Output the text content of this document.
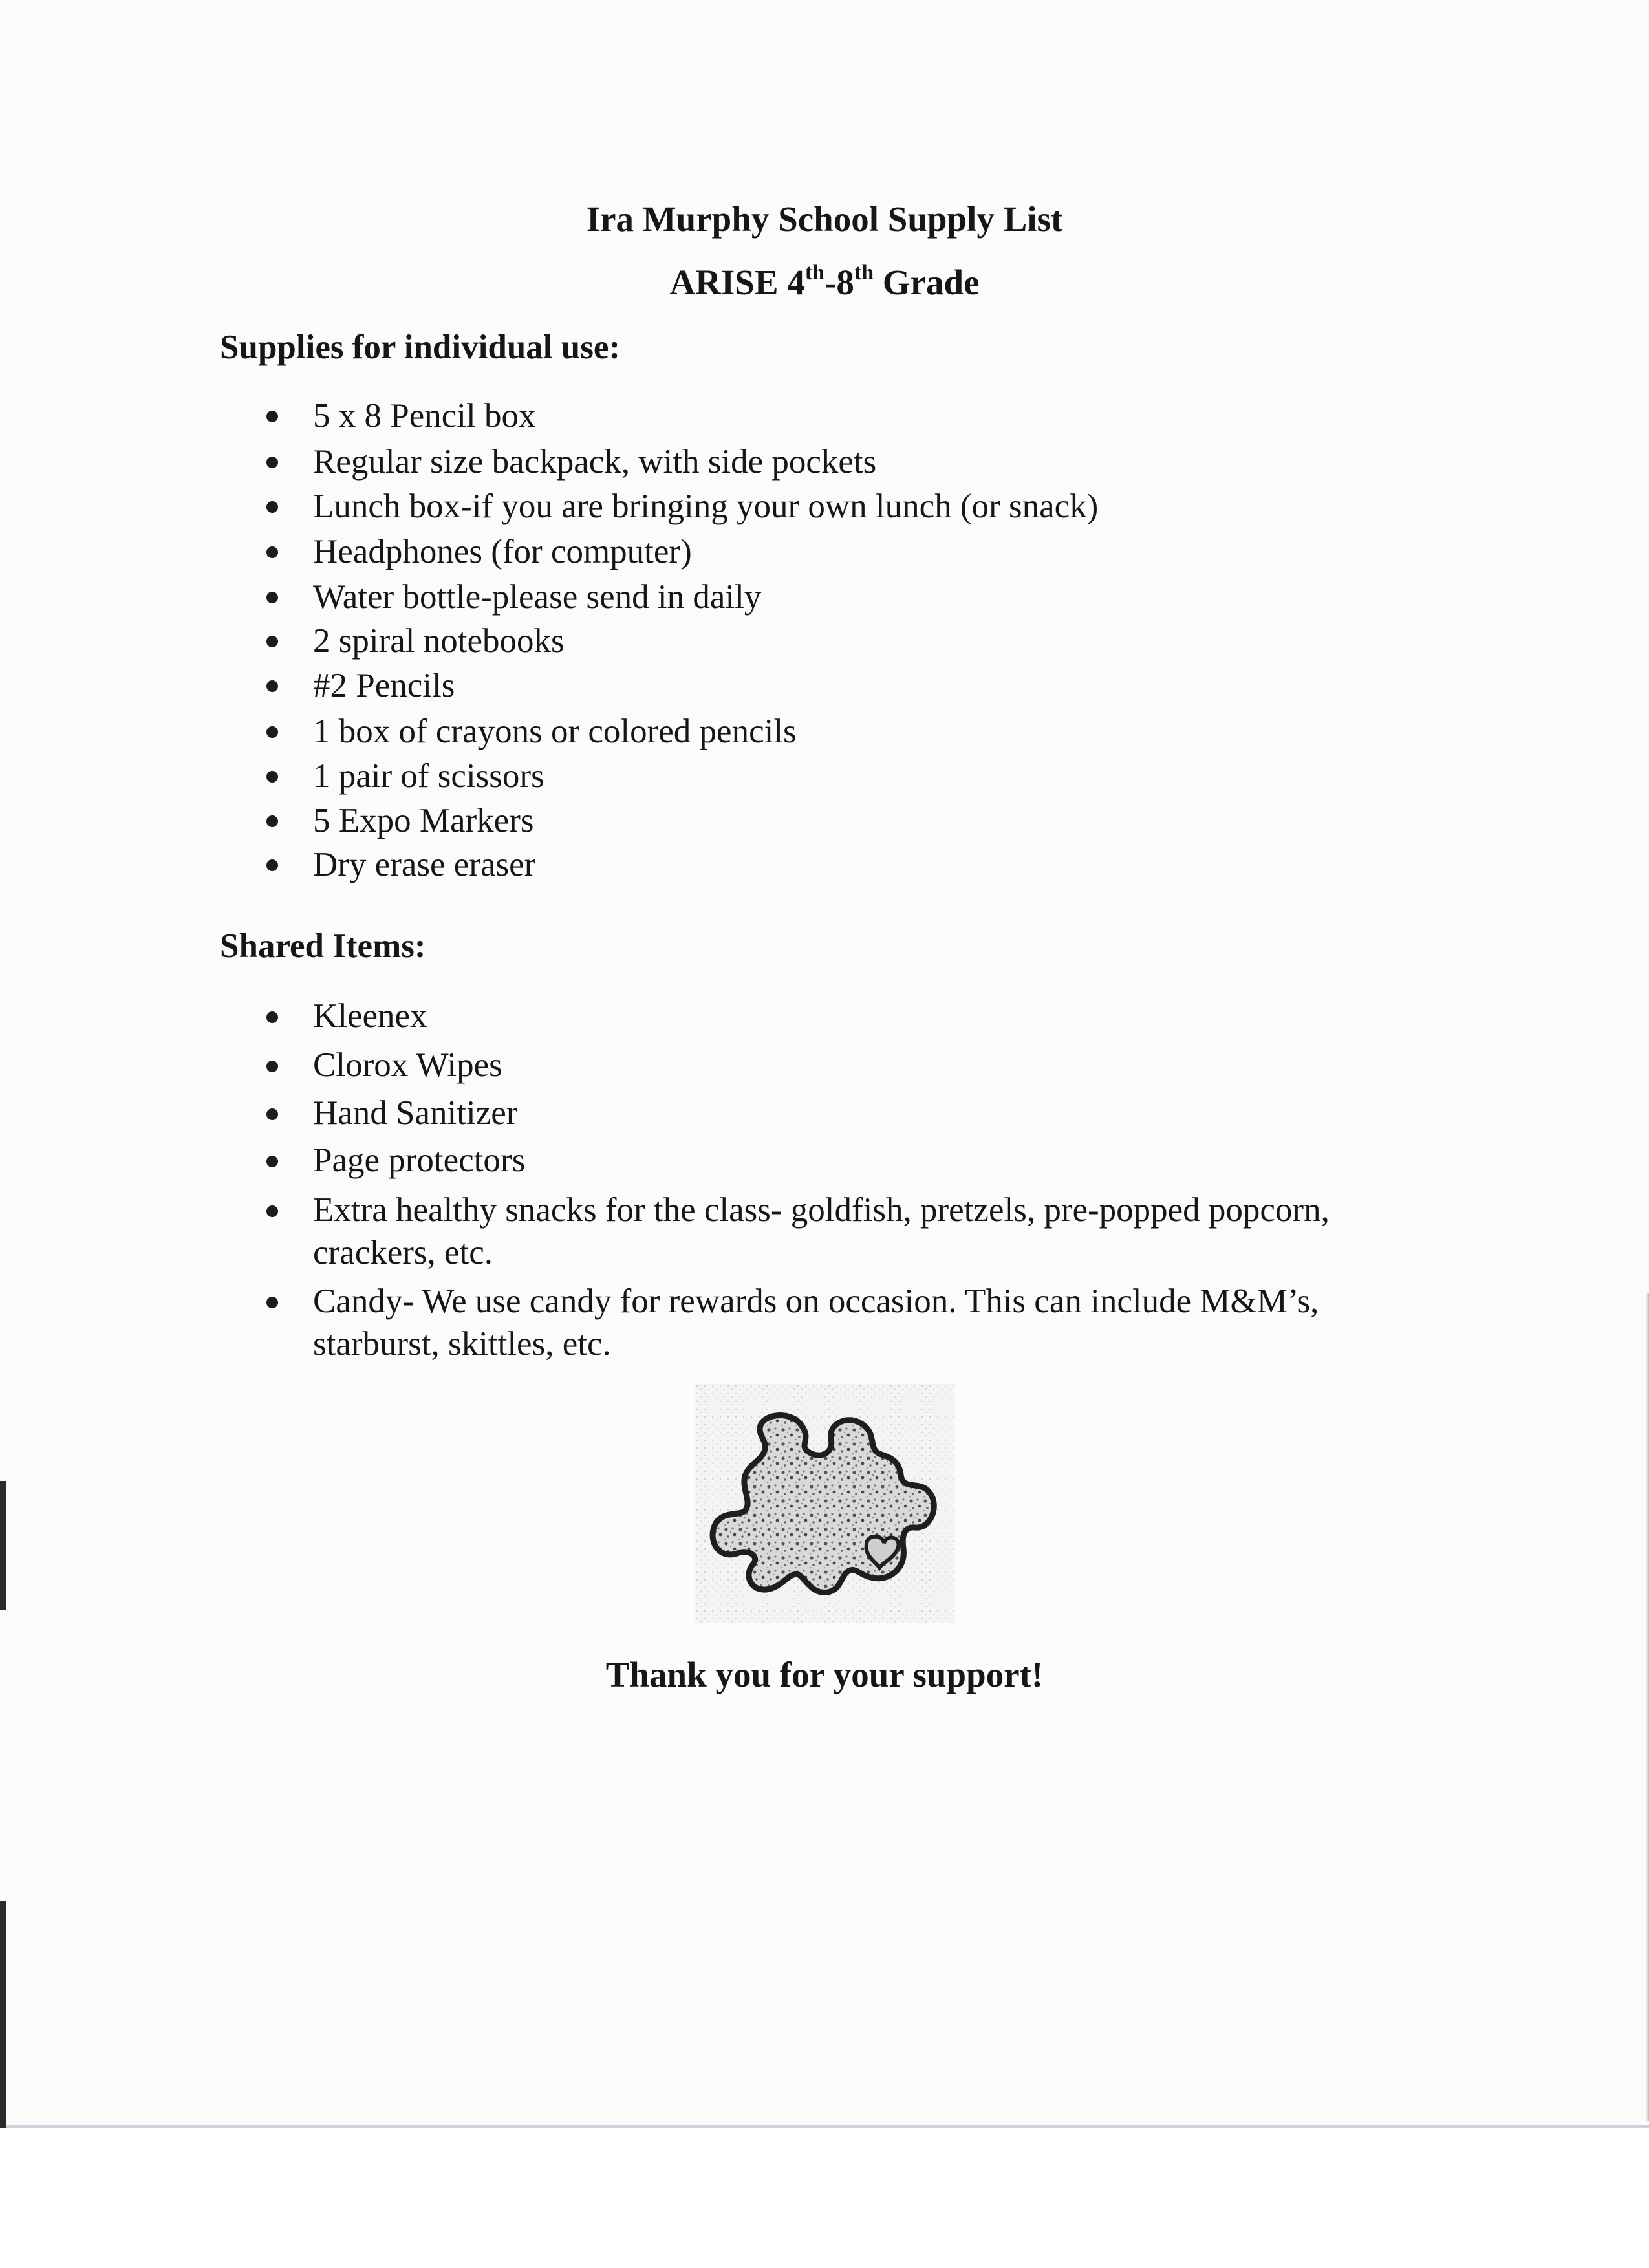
Ira Murphy School Supply List
ARISE 4th-8th Grade
Supplies for individual use:
5 x 8 Pencil box
Regular size backpack, with side pockets
Lunch box-if you are bringing your own lunch (or snack)
Headphones (for computer)
Water bottle-please send in daily
2 spiral notebooks
#2 Pencils
1 box of crayons or colored pencils
1 pair of scissors
5 Expo Markers
Dry erase eraser
Shared Items:
Kleenex
Clorox Wipes
Hand Sanitizer
Page protectors
Extra healthy snacks for the class- goldfish, pretzels, pre-popped popcorn, crackers, etc.
Candy- We use candy for rewards on occasion. This can include M&M’s, starburst, skittles, etc.

Thank you for your support!
